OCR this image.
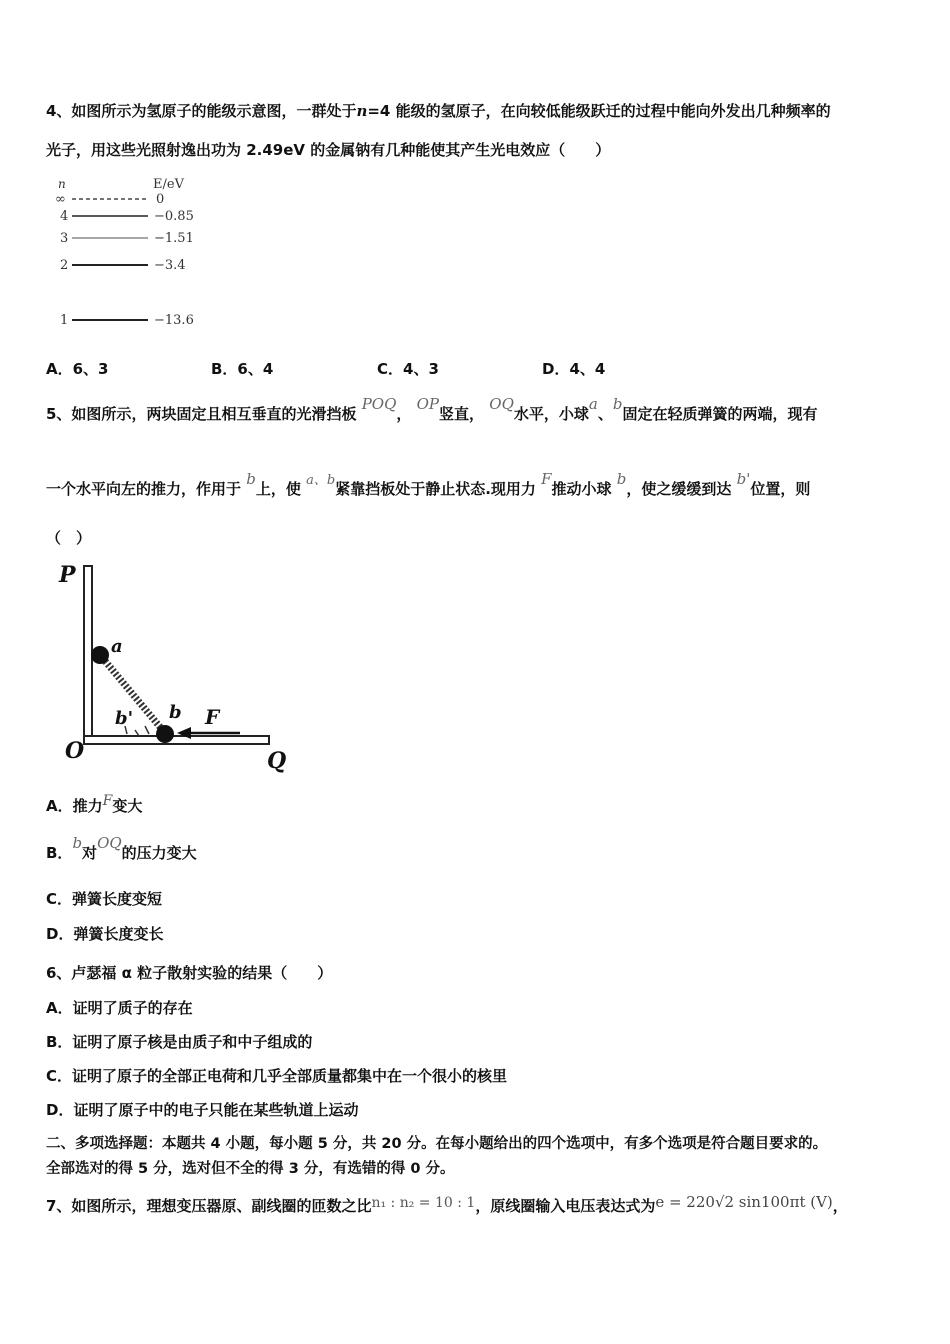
4、如图所示为氢原子的能级示意图，一群处于n=4 能级的氢原子，在向较低能级跃迁的过程中能向外发出几种频率的
光子，用这些光照射逸出功为 2.49eV 的金属钠有几种能使其产生光电效应（　　）
n	E/eV
∞	0
4	−0.85
3	−1.51
2	−3.4
1	−13.6
A．6、3	B．6、4	C．4、3	D．4、4
5、如图所示，两块固定且相互垂直的光滑挡板 POQ， OP竖直， OQ水平，小球a、b固定在轻质弹簧的两端，现有
一个水平向左的推力，作用于 b上，使 a、b紧靠挡板处于静止状态.现用力 F推动小球 b，使之缓缓到达 b'位置，则
（　）
P
O	Q
a
b
b'	F
A．推力F变大
B．b对OQ的压力变大
C．弹簧长度变短
D．弹簧长度变长
6、卢瑟福 α 粒子散射实验的结果（　　）
A．证明了质子的存在
B．证明了原子核是由质子和中子组成的
C．证明了原子的全部正电荷和几乎全部质量都集中在一个很小的核里
D．证明了原子中的电子只能在某些轨道上运动
二、多项选择题：本题共 4 小题，每小题 5 分，共 20 分。在每小题给出的四个选项中，有多个选项是符合题目要求的。
全部选对的得 5 分，选对但不全的得 3 分，有选错的得 0 分。
7、如图所示，理想变压器原、副线圈的匝数之比n₁ : n₂ = 10 : 1，原线圈输入电压表达式为e = 220√2 sin100πt (V)，
